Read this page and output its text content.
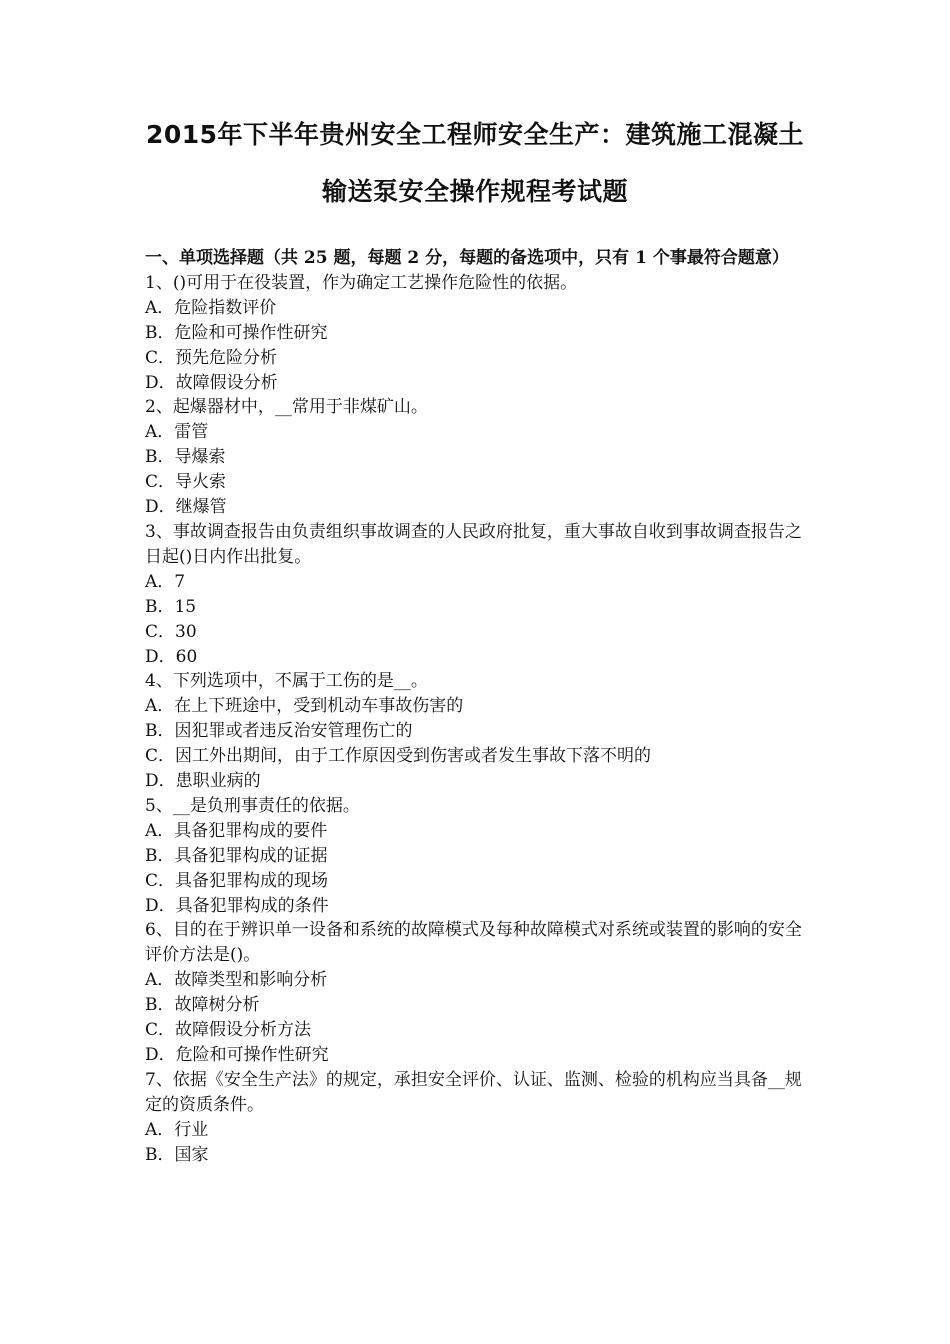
2015年下半年贵州安全工程师安全生产：建筑施工混凝土
输送泵安全操作规程考试题
一、单项选择题（共 25 题，每题 2 分，每题的备选项中，只有 1 个事最符合题意）
1、()可用于在役装置，作为确定工艺操作危险性的依据。
A．危险指数评价
B．危险和可操作性研究
C．预先危险分析
D．故障假设分析
2、起爆器材中，__常用于非煤矿山。
A．雷管
B．导爆索
C．导火索
D．继爆管
3、事故调查报告由负责组织事故调查的人民政府批复，重大事故自收到事故调查报告之日起()日内作出批复。
A．7
B．15
C．30
D．60
4、下列选项中，不属于工伤的是__。
A．在上下班途中，受到机动车事故伤害的
B．因犯罪或者违反治安管理伤亡的
C．因工外出期间，由于工作原因受到伤害或者发生事故下落不明的
D．患职业病的
5、__是负刑事责任的依据。
A．具备犯罪构成的要件
B．具备犯罪构成的证据
C．具备犯罪构成的现场
D．具备犯罪构成的条件
6、目的在于辨识单一设备和系统的故障模式及每种故障模式对系统或装置的影响的安全评价方法是()。
A．故障类型和影响分析
B．故障树分析
C．故障假设分析方法
D．危险和可操作性研究
7、依据《安全生产法》的规定，承担安全评价、认证、监测、检验的机构应当具备__规定的资质条件。
A．行业
B．国家
